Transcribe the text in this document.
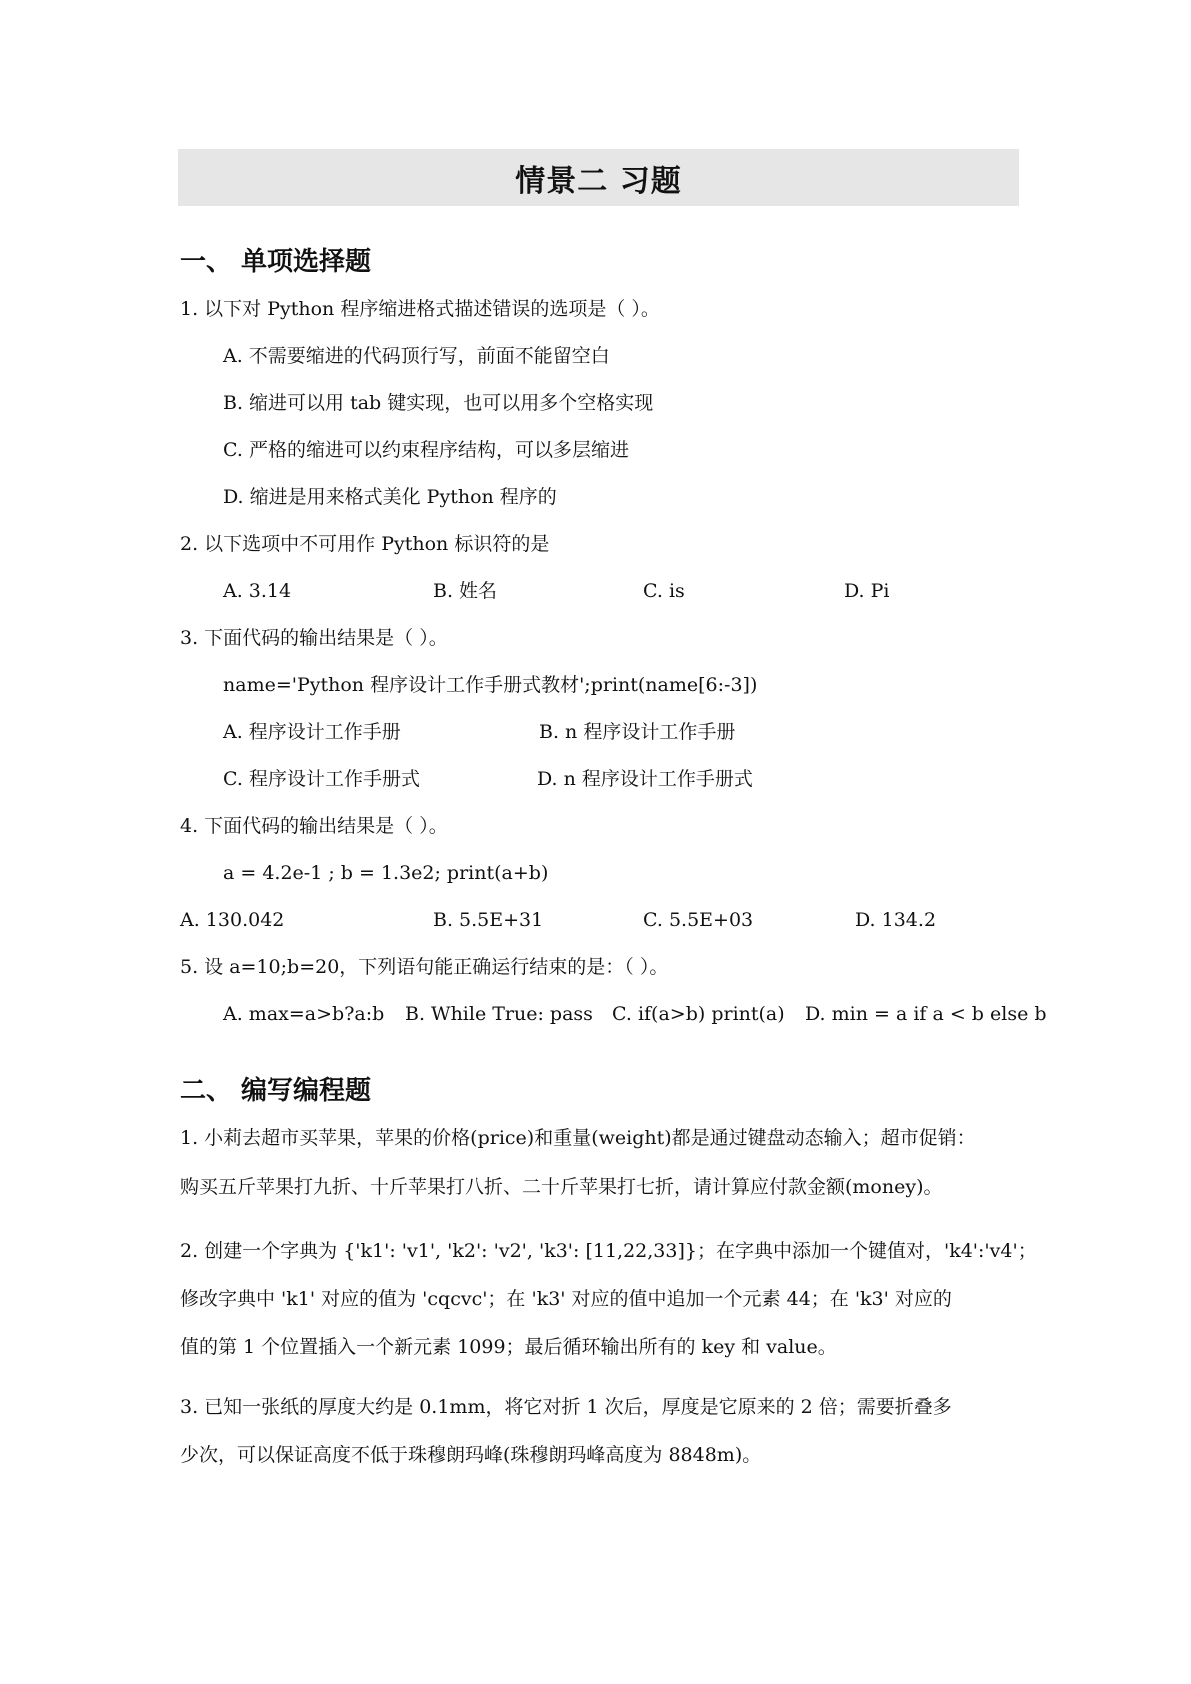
情景二 习题
一、 单项选择题
1. 以下对 Python 程序缩进格式描述错误的选项是（ ）。
A. 不需要缩进的代码顶行写，前面不能留空白
B. 缩进可以用 tab 键实现，也可以用多个空格实现
C. 严格的缩进可以约束程序结构，可以多层缩进
D. 缩进是用来格式美化 Python 程序的
2. 以下选项中不可用作 Python 标识符的是
A. 3.14	B. 姓名	C. is	D. Pi
3. 下面代码的输出结果是（ ）。
name='Python 程序设计工作手册式教材';print(name[6:-3])
A. 程序设计工作手册	B. n 程序设计工作手册
C. 程序设计工作手册式	D. n 程序设计工作手册式
4. 下面代码的输出结果是（ ）。
a = 4.2e-1 ; b = 1.3e2; print(a+b)
A. 130.042	B. 5.5E+31	C. 5.5E+03	D. 134.2
5. 设 a=10;b=20，下列语句能正确运行结束的是：（ ）。
A. max=a>b?a:b B. While True: pass C. if(a>b) print(a) D. min = a if a < b else b
二、 编写编程题
1. 小莉去超市买苹果，苹果的价格(price)和重量(weight)都是通过键盘动态输入；超市促销：
购买五斤苹果打九折、十斤苹果打八折、二十斤苹果打七折，请计算应付款金额(money)。
2. 创建一个字典为 {'k1': 'v1', 'k2': 'v2', 'k3': [11,22,33]}；在字典中添加一个键值对，'k4':'v4'；
修改字典中 'k1' 对应的值为 'cqcvc'；在 'k3' 对应的值中追加一个元素 44；在 'k3' 对应的
值的第 1 个位置插入一个新元素 1099；最后循环输出所有的 key 和 value。
3. 已知一张纸的厚度大约是 0.1mm，将它对折 1 次后，厚度是它原来的 2 倍；需要折叠多
少次，可以保证高度不低于珠穆朗玛峰(珠穆朗玛峰高度为 8848m)。
